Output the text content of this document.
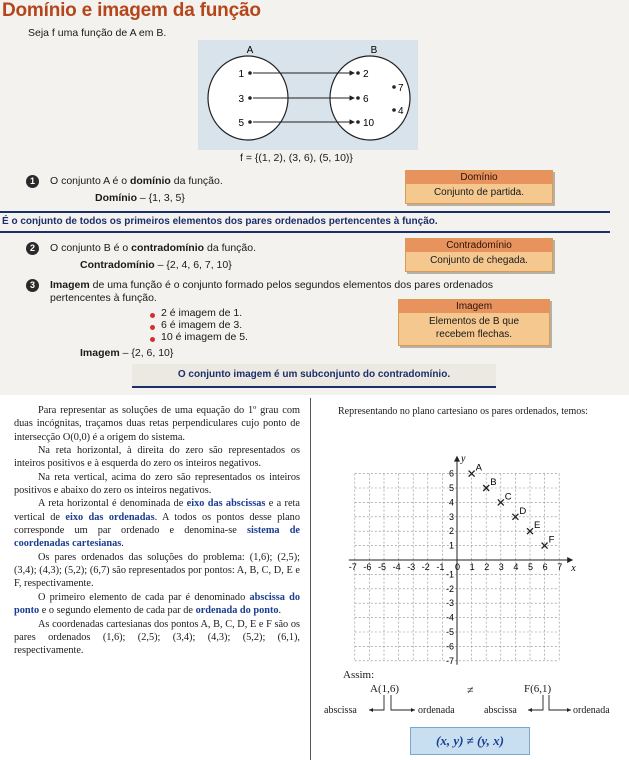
Domínio e imagem da função
Seja f uma função de A em B.
A	B
1
3
5
2
6
10
7
4
f = {(1, 2), (3, 6), (5, 10)}
1	O conjunto A é o domínio da função.
Domínio – {1, 3, 5}
Domínio
Conjunto de partida.
É o conjunto de todos os primeiros elementos dos pares ordenados pertencentes à função.
2	O conjunto B é o contradomínio da função.
Contradomínio – {2, 4, 6, 7, 10}
Contradomínio
Conjunto de chegada.
3	Imagem de uma função é o conjunto formado pelos segundos elementos dos pares ordenados
pertencentes à função.
2 é imagem de 1.
6 é imagem de 3.
10 é imagem de 5.
Imagem – {2, 6, 10}
Imagem
Elementos de B que
recebem flechas.
O conjunto imagem é um subconjunto do contradomínio.

Para representar as soluções de uma equação do 1º grau com duas incógnitas, traçamos duas retas perpendiculares cujo ponto de intersecção O(0,0) é a origem do sistema.

Na reta horizontal, à direita do zero são representados os inteiros positivos e à esquerda do zero os inteiros negativos.

Na reta vertical, acima do zero são representados os inteiros positivos e abaixo do zero os inteiros negativos.

A reta horizontal é denominada de eixo das abscissas e a reta vertical de eixo das ordenadas. A todos os pontos desse plano corresponde um par ordenado e denomina-se sistema de coordenadas cartesianas.

Os pares ordenados das soluções do problema: (1,6); (2,5); (3,4); (4,3); (5,2); (6,7) são representados por pontos: A, B, C, D, E e F, respectivamente.

O primeiro elemento de cada par é denominado abscissa do ponto e o segundo elemento de cada par de ordenada do ponto.

As coordenadas cartesianas dos pontos A, B, C, D, E e F são os pares ordenados (1,6); (2,5); (3,4); (4,3); (5,2); (6,1), respectivamente.

Representando no plano cartesiano os pares ordenados, temos:
x
y
-7 -6 -5 -4 -3 -2 -1 0 1 2 3 4 5 6 7
6
5
4
3
2
1
-1
-2
-3
-4
-5
-6
-7
A
B
C
D
E
F
Assim:
A(1,6)	≠	F(6,1)
abscissa	ordenada	abscissa	ordenada
(x, y) ≠ (y, x)
